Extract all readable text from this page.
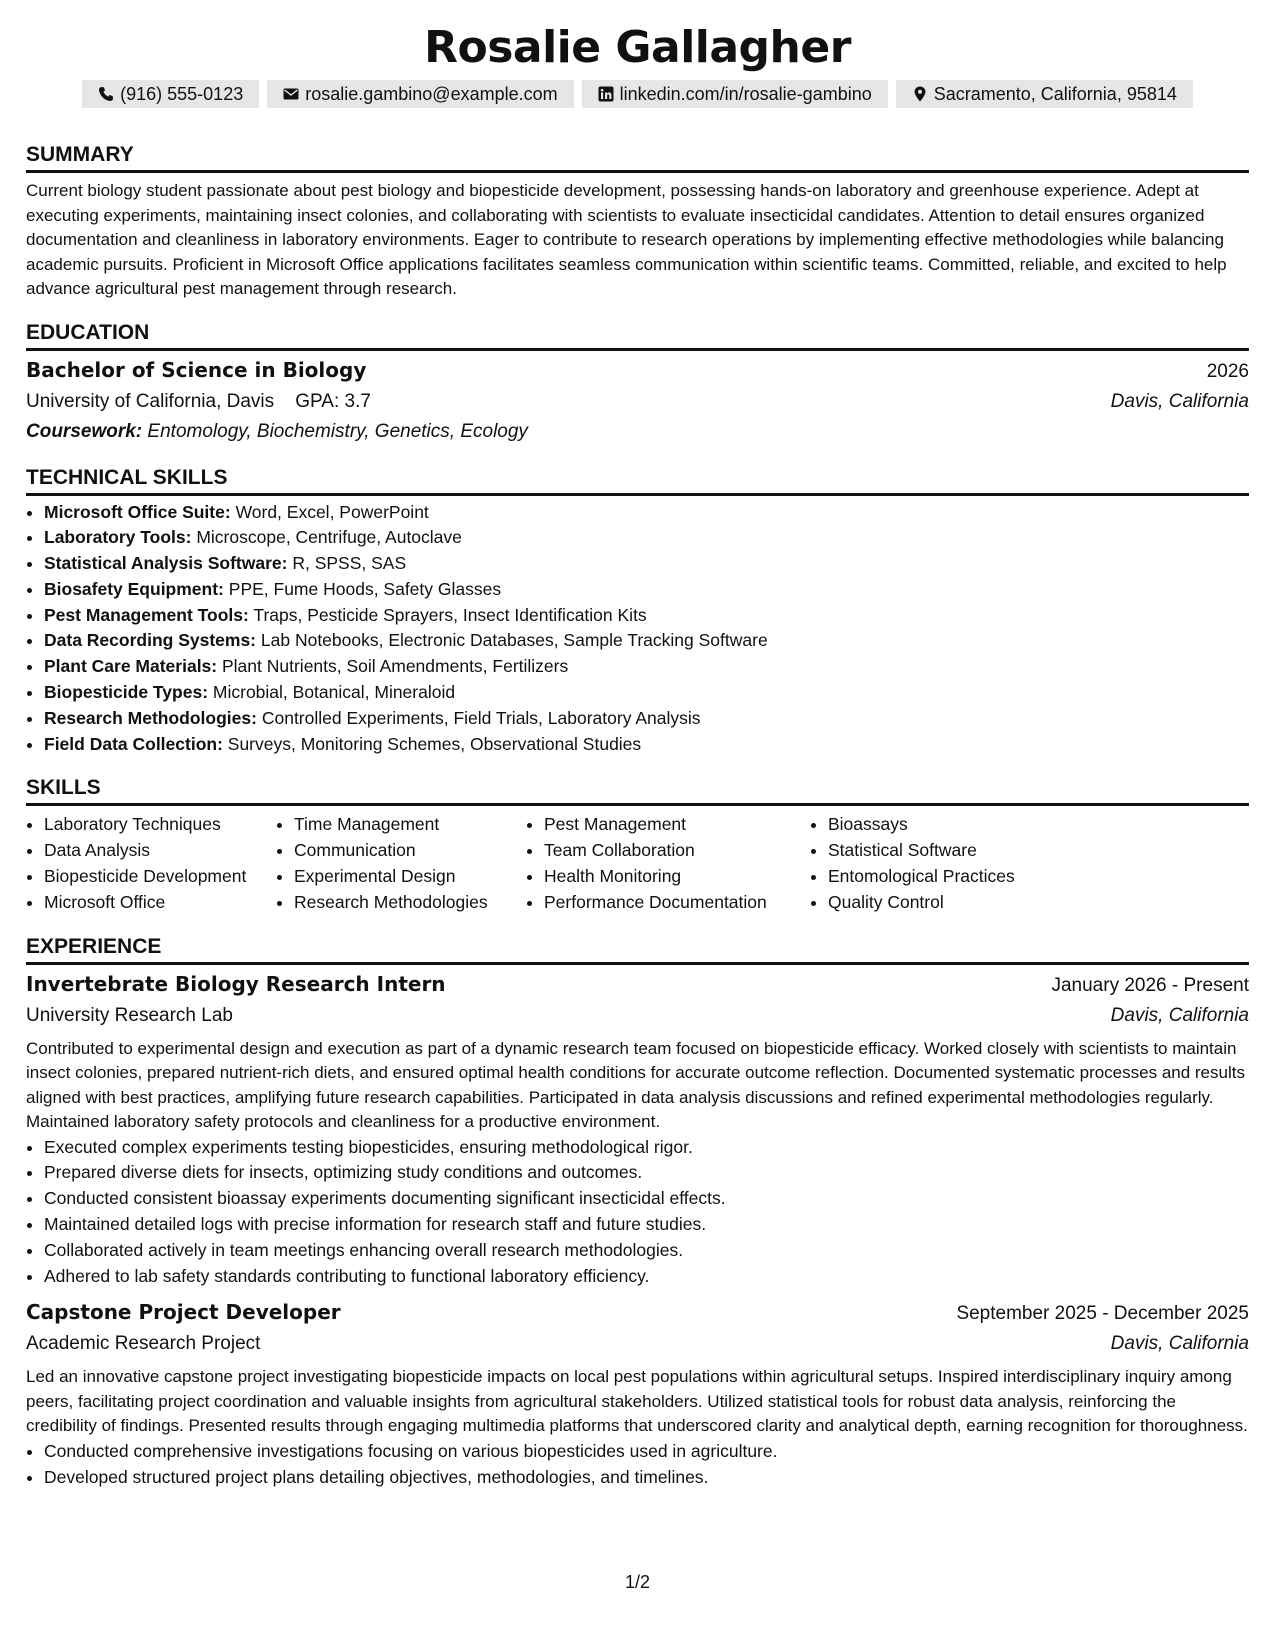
Rosalie Gallagher
(916) 555-0123	rosalie.gambino@example.com	linkedin.com/in/rosalie-gambino	Sacramento, California, 95814
SUMMARY
Current biology student passionate about pest biology and biopesticide development, possessing hands-on laboratory and greenhouse experience. Adept at executing experiments, maintaining insect colonies, and collaborating with scientists to evaluate insecticidal candidates. Attention to detail ensures organized documentation and cleanliness in laboratory environments. Eager to contribute to research operations by implementing effective methodologies while balancing academic pursuits. Proficient in Microsoft Office applications facilitates seamless communication within scientific teams. Committed, reliable, and excited to help advance agricultural pest management through research.
EDUCATION
Bachelor of Science in Biology	2026
University of California, Davis GPA: 3.7	Davis, California
Coursework: Entomology, Biochemistry, Genetics, Ecology
TECHNICAL SKILLS
• Microsoft Office Suite: Word, Excel, PowerPoint
• Laboratory Tools: Microscope, Centrifuge, Autoclave
• Statistical Analysis Software: R, SPSS, SAS
• Biosafety Equipment: PPE, Fume Hoods, Safety Glasses
• Pest Management Tools: Traps, Pesticide Sprayers, Insect Identification Kits
• Data Recording Systems: Lab Notebooks, Electronic Databases, Sample Tracking Software
• Plant Care Materials: Plant Nutrients, Soil Amendments, Fertilizers
• Biopesticide Types: Microbial, Botanical, Mineraloid
• Research Methodologies: Controlled Experiments, Field Trials, Laboratory Analysis
• Field Data Collection: Surveys, Monitoring Schemes, Observational Studies
SKILLS
• Laboratory Techniques
• Data Analysis
• Biopesticide Development
• Microsoft Office
• Time Management
• Communication
• Experimental Design
• Research Methodologies
• Pest Management
• Team Collaboration
• Health Monitoring
• Performance Documentation
• Bioassays
• Statistical Software
• Entomological Practices
• Quality Control
EXPERIENCE
Invertebrate Biology Research Intern	January 2026 - Present
University Research Lab	Davis, California
Contributed to experimental design and execution as part of a dynamic research team focused on biopesticide efficacy. Worked closely with scientists to maintain insect colonies, prepared nutrient-rich diets, and ensured optimal health conditions for accurate outcome reflection. Documented systematic processes and results aligned with best practices, amplifying future research capabilities. Participated in data analysis discussions and refined experimental methodologies regularly. Maintained laboratory safety protocols and cleanliness for a productive environment.
• Executed complex experiments testing biopesticides, ensuring methodological rigor.
• Prepared diverse diets for insects, optimizing study conditions and outcomes.
• Conducted consistent bioassay experiments documenting significant insecticidal effects.
• Maintained detailed logs with precise information for research staff and future studies.
• Collaborated actively in team meetings enhancing overall research methodologies.
• Adhered to lab safety standards contributing to functional laboratory efficiency.
Capstone Project Developer	September 2025 - December 2025
Academic Research Project	Davis, California
Led an innovative capstone project investigating biopesticide impacts on local pest populations within agricultural setups. Inspired interdisciplinary inquiry among peers, facilitating project coordination and valuable insights from agricultural stakeholders. Utilized statistical tools for robust data analysis, reinforcing the credibility of findings. Presented results through engaging multimedia platforms that underscored clarity and analytical depth, earning recognition for thoroughness.
• Conducted comprehensive investigations focusing on various biopesticides used in agriculture.
• Developed structured project plans detailing objectives, methodologies, and timelines.
1/2
